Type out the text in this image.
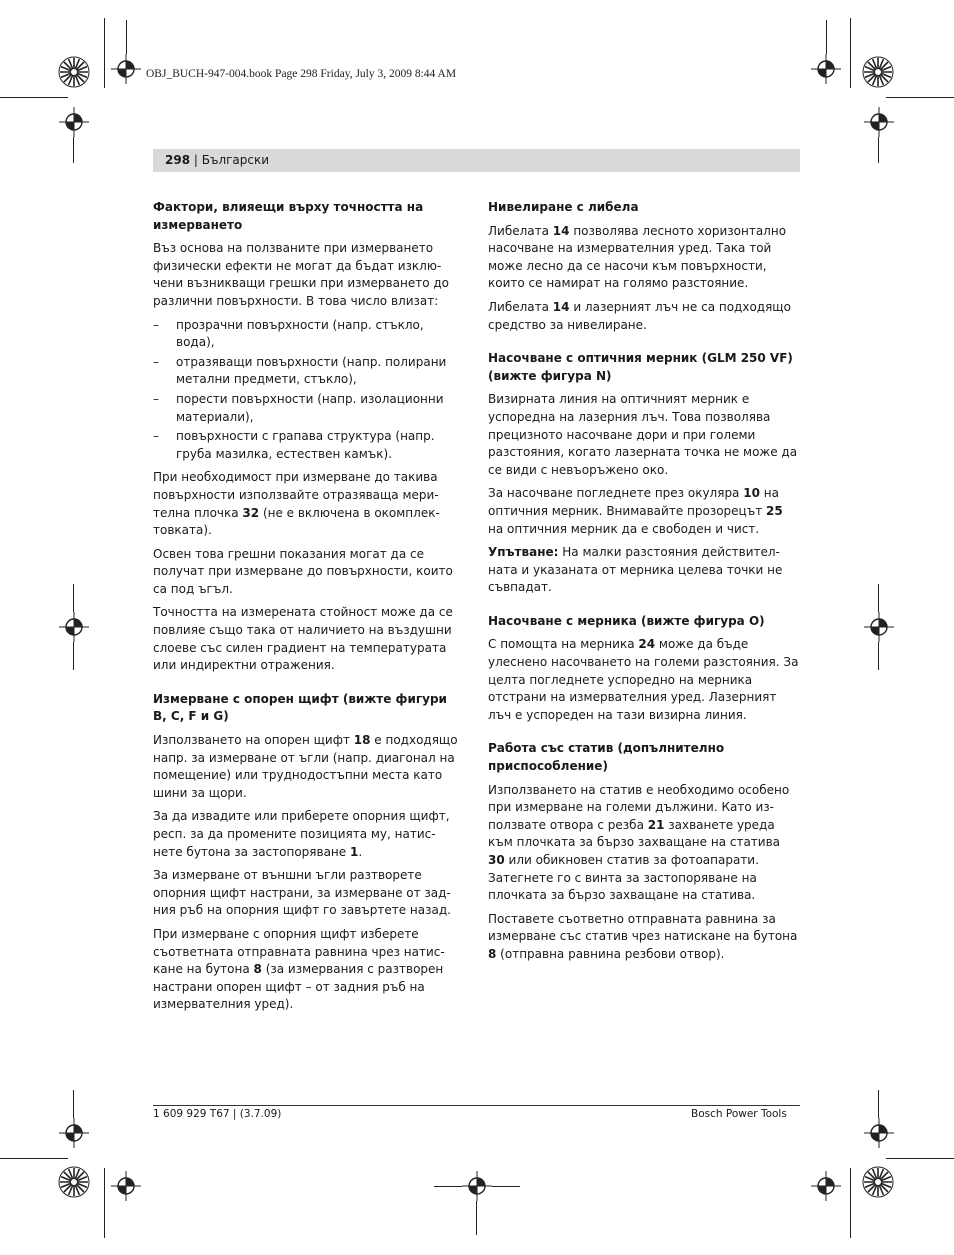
OBJ_BUCH-947-004.book Page 298 Friday, July 3, 2009 8:44 AM
298 | Български
Фактори, влияещи върху точността на измерването
Въз основа на ползваните при измерването физически ефекти не могат да бъдат изклю-чени възникващи грешки при измерването до различни повърхности. В това число влизат:
– прозрачни повърхности (напр. стъкло, вода),
– отразяващи повърхности (напр. полирани метални предмети, стъкло),
– порести повърхности (напр. изолационни материали),
– повърхности с грапава структура (напр. груба мазилка, естествен камък).
При необходимост при измерване до такива повърхности използвайте отразяваща мери-телна плочка 32 (не е включена в окомплек-товката).
Освен това грешни показания могат да се получат при измерване до повърхности, които са под ъгъл.
Точността на измерената стойност може да се повлияе също така от наличието на въздушни слоеве със силен градиент на температурата или индиректни отражения.
Измерване с опорен щифт (вижте фигури B, C, F и G)
Използването на опорен щифт 18 е подходящо напр. за измерване от ъгли (напр. диагонал на помещение) или труднодостъпни места като шини за щори.
За да извадите или приберете опорния щифт, респ. за да промените позицията му, натис-нете бутона за застопоряване 1.
За измерване от външни ъгли разтворете опорния щифт настрани, за измерване от зад-ния ръб на опорния щифт го завъртете назад.
При измерване с опорния щифт изберете съответната отправната равнина чрез натис-кане на бутона 8 (за измервания с разтворен настрани опорен щифт – от задния ръб на измервателния уред).
Нивелиране с либела
Либелата 14 позволява лесното хоризонтално насочване на измервателния уред. Така той може лесно да се насочи към повърхности, които се намират на голямо разстояние.
Либелата 14 и лазерният лъч не са подходящо средство за нивелиране.
Насочване с оптичния мерник (GLM 250 VF) (вижте фигура N)
Визирната линия на оптичният мерник е успоредна на лазерния лъч. Това позволява прецизното насочване дори и при големи разстояния, когато лазерната точка не може да се види с невъоръжено око.
За насочване погледнете през окуляра 10 на оптичния мерник. Внимавайте прозорецът 25 на оптичния мерник да е свободен и чист.
Упътване: На малки разстояния действител-ната и указаната от мерника целева точки не съвпадат.
Насочване с мерника (вижте фигура O)
С помощта на мерника 24 може да бъде улеснено насочването на големи разстояния. За целта погледнете успоредно на мерника отстрани на измервателния уред. Лазерният лъч е успореден на тази визирна линия.
Работа със статив (допълнително приспособление)
Използването на статив е необходимо особено при измерване на големи дължини. Като из-ползвате отвора с резба 21 захванете уреда към плочката за бързо захващане на статива 30 или обикновен статив за фотоапарати. Затегнете го с винта за застопоряване на плочката за бързо захващане на статива.
Поставете съответно отправната равнина за измерване със статив чрез натискане на бутона 8 (отправна равнина резбови отвор).
1 609 929 T67 | (3.7.09)	Bosch Power Tools
